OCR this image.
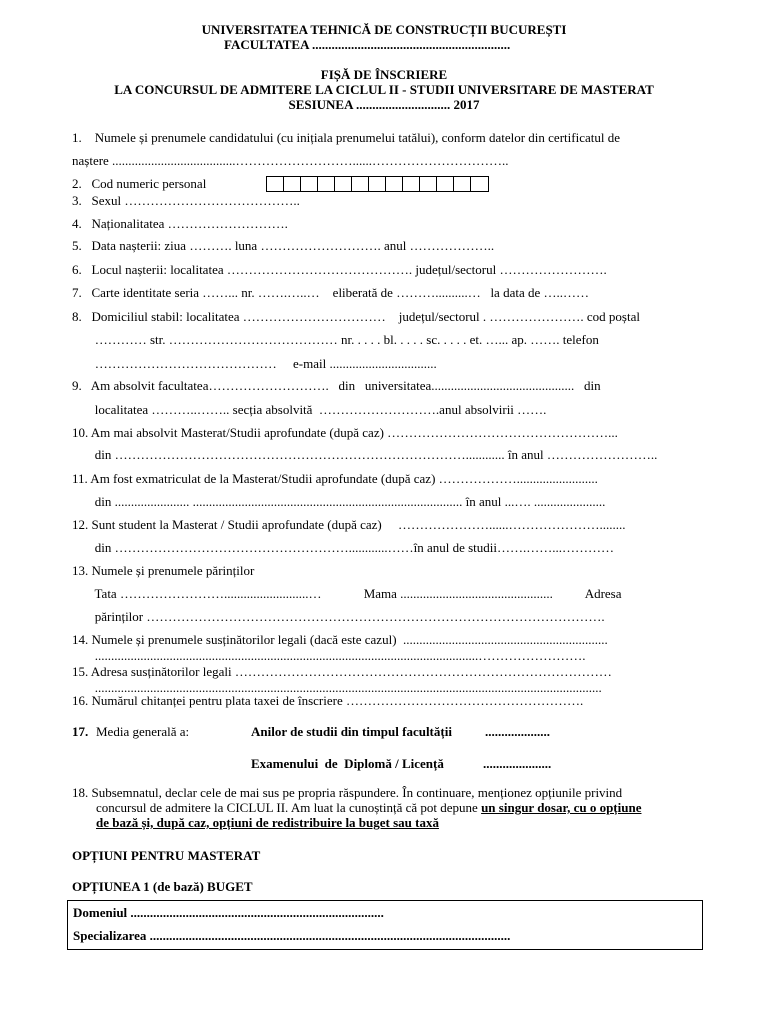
UNIVERSITATEA TEHNICĂ DE CONSTRUCȚII BUCUREȘTI
FACULTATEA .............................................................
FIȘĂ DE ÎNSCRIERE
LA CONCURSUL DE ADMITERE LA CICLUL II - STUDII UNIVERSITARE DE MASTERAT
SESIUNEA ............................. 2017
1.    Numele și prenumele candidatului (cu inițiala prenumelui tatălui), conform datelor din certificatul de
naștere ......................................………………………......…………………………..
2.   Cod numeric personal
3.   Sexul …………………………………..
4.   Naționalitatea ……………………….
5.   Data nașterii: ziua ………. luna ………………………. anul ………………..
6.   Locul nașterii: localitatea ……………………………………. județul/sectorul …………………….
7.   Carte identitate seria ……... nr. …….…..…    eliberată de ………..........…   la data de …..……
8.   Domiciliul stabil: localitatea ……………………………    județul/sectorul . …………………. cod poștal
………… str. ………………………………… nr. . . . . bl. . . . . sc. . . . . et. …... ap. ……. telefon
……………………………………     e-mail .................................
9.   Am absolvit facultatea……………………….   din   universitatea............................................   din
localitatea ………..…….. secția absolvită  ……………………….anul absolvirii …….
10. Am mai absolvit Masterat/Studii aprofundate (după caz) ……………………………………………...
din ………………………………………………………………………............ în anul ……………………..
11. Am fost exmatriculat de la Masterat/Studii aprofundate (după caz) ……………….........................
din ....................... ................................................................................... în anul ...…. ......................
12. Sunt student la Masterat / Studii aprofundate (după caz)     …………………......…………………........
din ………………………………………………............……în anul de studii…….……...…………
13. Numele și prenumele părinților
Tata ……………………..........................…             Mama ...............................................          Adresa
părinților …………………………………………………………………………………………….
14. Numele și prenumele susținătorilor legali (dacă este cazul)  ...............................................................
......................................................................................................................…………………….
15. Adresa susținătorilor legali ……………………………………………………………………………
............................................................................................................................................................
16. Numărul chitanței pentru plata taxei de înscriere ……………………………………………….
17. Media generală a:	Anilor de studii din timpul facultății	....................
Examenului  de  Diplomă / Licență	.....................
18. Subsemnatul, declar cele de mai sus pe propria răspundere. În continuare, menționez opțiunile privind
concursul de admitere la CICLUL II. Am luat la cunoștință că pot depune un singur dosar, cu o opțiune
de bază și, după caz, opțiuni de redistribuire la buget sau taxă
OPȚIUNI PENTRU MASTERAT
OPȚIUNEA 1 (de bază) BUGET
Domeniul ..............................................................................
Specializarea ...............................................................................................................
